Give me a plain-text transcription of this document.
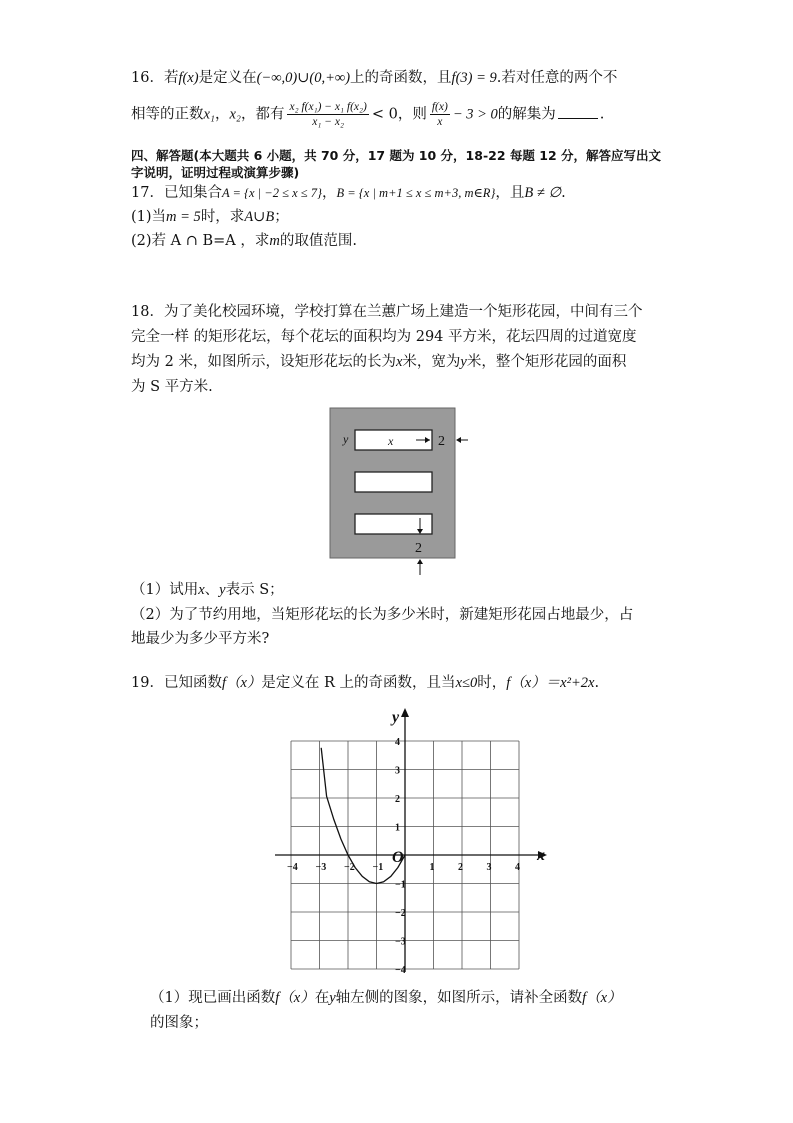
16．若f(x)是定义在(−∞,0)∪(0,+∞)上的奇函数，且f(3) = 9.若对任意的两个不
相等的正数x₁，x₂，都有 $\frac{\text{x₂ f(x₁) − x₁ f(x₂)}}{\text{x₁ − x₂}} < 0$，则 $\frac{f(x)}{x} - 3 > 0$的解集为	.
四、解答题(本大题共 6 小题，共 70 分，17 题为 10 分，18-22 每题 12 分，解答应写出文
字说明，证明过程或演算步骤)
17．已知集合A = {x | −2 ≤ x ≤ 7}，B = {x | m+1 ≤ x ≤ m+3, m∈R}，且B ≠ ∅.
(1)当m = 5时，求A∪B；
(2)若 A ∩ B=A ，求m的取值范围.
18．为了美化校园环境，学校打算在兰蕙广场上建造一个矩形花园，中间有三个
完全一样 的矩形花坛，每个花坛的面积均为 294 平方米，花坛四周的过道宽度
均为 2 米，如图所示，设矩形花坛的长为x米，宽为y米，整个矩形花园的面积
为 S 平方米.
y	x	2
2
（1）试用x、y表示 S；
（2）为了节约用地，当矩形花坛的长为多少米时，新建矩形花园占地最少，占
地最少为多少平方米?
19．已知函数f（x）是定义在 R 上的奇函数，且当x≤0时，f（x）＝x²+2x.
−4 −3 −2 −1	1 2 3 4
4
3
2
1
−1
−2
−3
−4
x
y
O
（1）现已画出函数f（x）在y轴左侧的图象，如图所示，请补全函数f（x）
的图象；
